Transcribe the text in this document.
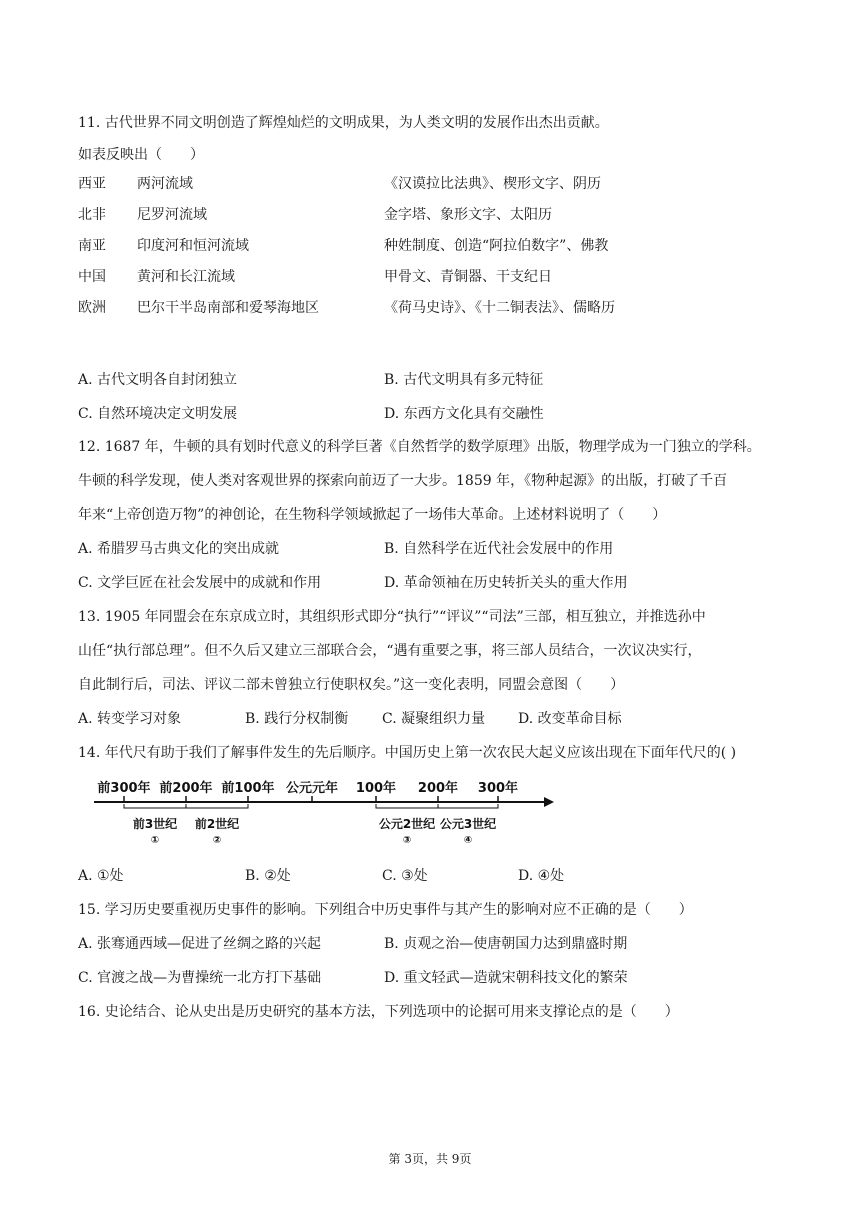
11. 古代世界不同文明创造了辉煌灿烂的文明成果，为人类文明的发展作出杰出贡献。
如表反映出（　　）
西亚 两河流域	《汉谟拉比法典》、楔形文字、阴历
北非 尼罗河流域	金字塔、象形文字、太阳历
南亚 印度河和恒河流域	种姓制度、创造“阿拉伯数字”、佛教
中国 黄河和长江流域	甲骨文、青铜器、干支纪日
欧洲 巴尔干半岛南部和爱琴海地区	《荷马史诗》、《十二铜表法》、儒略历
A. 古代文明各自封闭独立	B. 古代文明具有多元特征
C. 自然环境决定文明发展	D. 东西方文化具有交融性
12. 1687 年，牛顿的具有划时代意义的科学巨著《自然哲学的数学原理》出版，物理学成为一门独立的学科。
牛顿的科学发现，使人类对客观世界的探索向前迈了一大步。1859 年，《物种起源》的出版，打破了千百
年来“上帝创造万物”的神创论，在生物科学领域掀起了一场伟大革命。上述材料说明了（　　）
A. 希腊罗马古典文化的突出成就	B. 自然科学在近代社会发展中的作用
C. 文学巨匠在社会发展中的成就和作用	D. 革命领袖在历史转折关头的重大作用
13. 1905 年同盟会在东京成立时，其组织形式即分“执行”“评议”“司法”三部，相互独立，并推选孙中
山任“执行部总理”。但不久后又建立三部联合会，“遇有重要之事，将三部人员结合，一次议决实行，
自此制行后，司法、评议二部未曾独立行使职权矣。”这一变化表明，同盟会意图（　　）
A. 转变学习对象	B. 践行分权制衡 C. 凝聚组织力量 D. 改变革命目标
14. 年代尺有助于我们了解事件发生的先后顺序。中国历史上第一次农民大起义应该出现在下面年代尺的( )
前300年 前200年 前100年 公元元年 100年 200年 300年
前3世纪 前2世纪	公元2世纪 公元3世纪
①	②	③	④
A. ①处	B. ②处	C. ③处	D. ④处
15. 学习历史要重视历史事件的影响。下列组合中历史事件与其产生的影响对应不正确的是（　　）
A. 张骞通西域—促进了丝绸之路的兴起	B. 贞观之治—使唐朝国力达到鼎盛时期
C. 官渡之战—为曹操统一北方打下基础	D. 重文轻武—造就宋朝科技文化的繁荣
16. 史论结合、论从史出是历史研究的基本方法，下列选项中的论据可用来支撑论点的是（　　）
第 3页，共 9页
